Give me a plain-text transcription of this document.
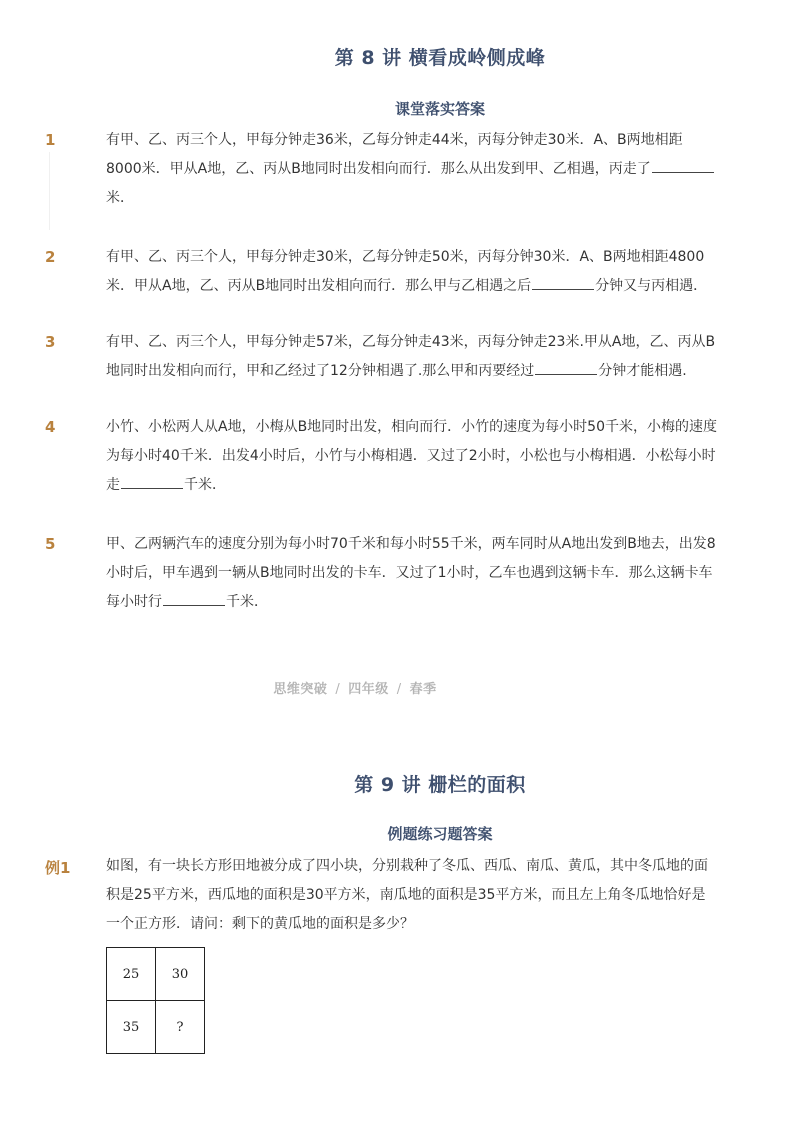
第 8 讲 横看成岭侧成峰
课堂落实答案
1	有甲、乙、丙三个人，甲每分钟走36米，乙每分钟走44米，丙每分钟走30米．A、B两地相距8000米．甲从A地，乙、丙从B地同时出发相向而行．那么从出发到甲、乙相遇，丙走了米．
2	有甲、乙、丙三个人，甲每分钟走30米，乙每分钟走50米，丙每分钟30米．A、B两地相距4800米．甲从A地，乙、丙从B地同时出发相向而行．那么甲与乙相遇之后	分钟又与丙相遇．
3	有甲、乙、丙三个人，甲每分钟走57米，乙每分钟走43米，丙每分钟走23米.甲从A地，乙、丙从B地同时出发相向而行，甲和乙经过了12分钟相遇了.那么甲和丙要经过	分钟才能相遇.
4	小竹、小松两人从A地，小梅从B地同时出发，相向而行．小竹的速度为每小时50千米，小梅的速度为每小时40千米．出发4小时后，小竹与小梅相遇．又过了2小时，小松也与小梅相遇．小松每小时走	千米．
5	甲、乙两辆汽车的速度分别为每小时70千米和每小时55千米，两车同时从A地出发到B地去，出发8小时后，甲车遇到一辆从B地同时出发的卡车．又过了1小时，乙车也遇到这辆卡车．那么这辆卡车每小时行	千米．
思维突破 / 四年级 / 春季
第 9 讲 栅栏的面积
例题练习题答案
例1	如图，有一块长方形田地被分成了四小块，分别栽种了冬瓜、西瓜、南瓜、黄瓜，其中冬瓜地的面积是25平方米，西瓜地的面积是30平方米，南瓜地的面积是35平方米，而且左上角冬瓜地恰好是一个正方形．请问：剩下的黄瓜地的面积是多少？
25	30
35	?
